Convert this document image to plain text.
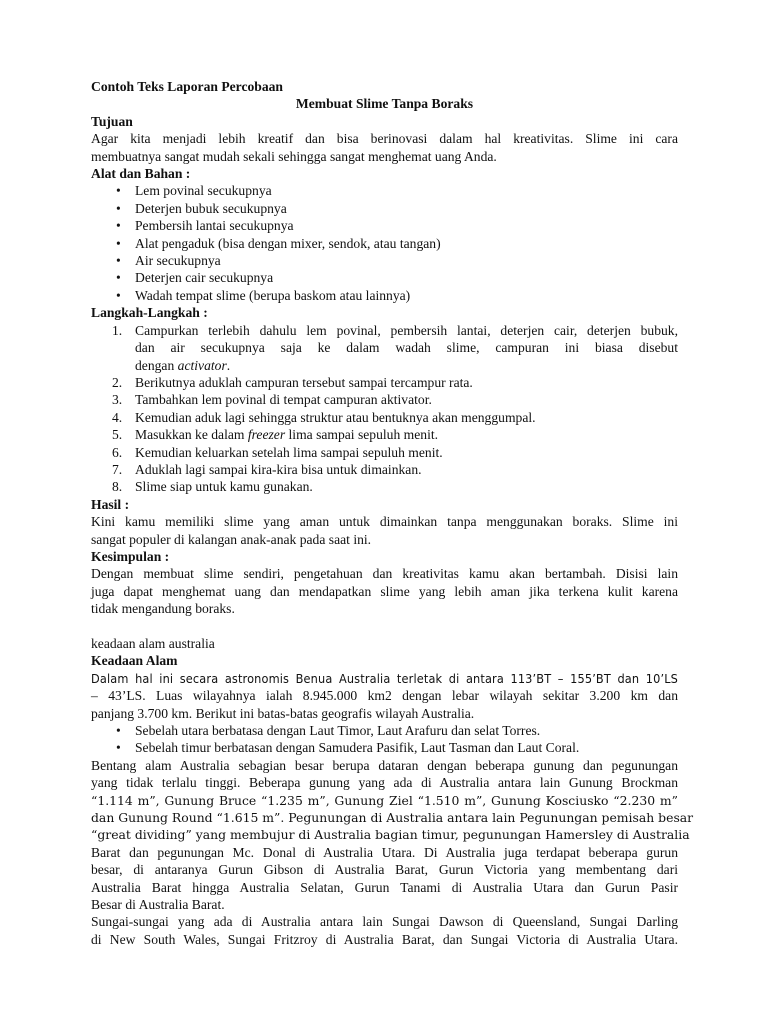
Contoh Teks Laporan Percobaan

Membuat Slime Tanpa Boraks

Tujuan

Agar kita menjadi lebih kreatif dan bisa berinovasi dalam hal kreativitas. Slime ini cara

membuatnya sangat mudah sekali sehingga sangat menghemat uang Anda.

Alat dan Bahan :

• Lem povinal secukupnya
• Deterjen bubuk secukupnya
• Pembersih lantai secukupnya
• Alat pengaduk (bisa dengan mixer, sendok, atau tangan)
• Air secukupnya
• Deterjen cair secukupnya
• Wadah tempat slime (berupa baskom atau lainnya)

Langkah-Langkah :

1. Campurkan terlebih dahulu lem povinal, pembersih lantai, deterjen cair, deterjen bubuk,
dan air secukupnya saja ke dalam wadah slime, campuran ini biasa disebut
dengan activator.
2. Berikutnya aduklah campuran tersebut sampai tercampur rata.
3. Tambahkan lem povinal di tempat campuran aktivator.
4. Kemudian aduk lagi sehingga struktur atau bentuknya akan menggumpal.
5. Masukkan ke dalam freezer lima sampai sepuluh menit.
6. Kemudian keluarkan setelah lima sampai sepuluh menit.
7. Aduklah lagi sampai kira-kira bisa untuk dimainkan.
8. Slime siap untuk kamu gunakan.

Hasil :

Kini kamu memiliki slime yang aman untuk dimainkan tanpa menggunakan boraks. Slime ini

sangat populer di kalangan anak-anak pada saat ini.

Kesimpulan :

Dengan membuat slime sendiri, pengetahuan dan kreativitas kamu akan bertambah. Disisi lain

juga dapat menghemat uang dan mendapatkan slime yang lebih aman jika terkena kulit karena

tidak mengandung boraks.

keadaan alam australia

Keadaan Alam

Dalam hal ini secara astronomis Benua Australia terletak di antara 113’BT – 155’BT dan 10’LS

– 43’LS. Luas wilayahnya ialah 8.945.000 km2 dengan lebar wilayah sekitar 3.200 km dan

panjang 3.700 km. Berikut ini batas-batas geografis wilayah Australia.

• Sebelah utara berbatasa dengan Laut Timor, Laut Arafuru dan selat Torres.
• Sebelah timur berbatasan dengan Samudera Pasifik, Laut Tasman dan Laut Coral.

Bentang alam Australia sebagian besar berupa dataran dengan beberapa gunung dan pegunungan

yang tidak terlalu tinggi. Beberapa gunung yang ada di Australia antara lain Gunung Brockman

“1.114 m”, Gunung Bruce “1.235 m”, Gunung Ziel “1.510 m”, Gunung Kosciusko “2.230 m”

dan Gunung Round “1.615 m”. Pegunungan di Australia antara lain Pegunungan pemisah besar

“great dividing” yang membujur di Australia bagian timur, pegunungan Hamersley di Australia

Barat dan pegunungan Mc. Donal di Australia Utara. Di Australia juga terdapat beberapa gurun

besar, di antaranya Gurun Gibson di Australia Barat, Gurun Victoria yang membentang dari

Australia Barat hingga Australia Selatan, Gurun Tanami di Australia Utara dan Gurun Pasir

Besar di Australia Barat.

Sungai-sungai yang ada di Australia antara lain Sungai Dawson di Queensland, Sungai Darling

di New South Wales, Sungai Fritzroy di Australia Barat, dan Sungai Victoria di Australia Utara.
